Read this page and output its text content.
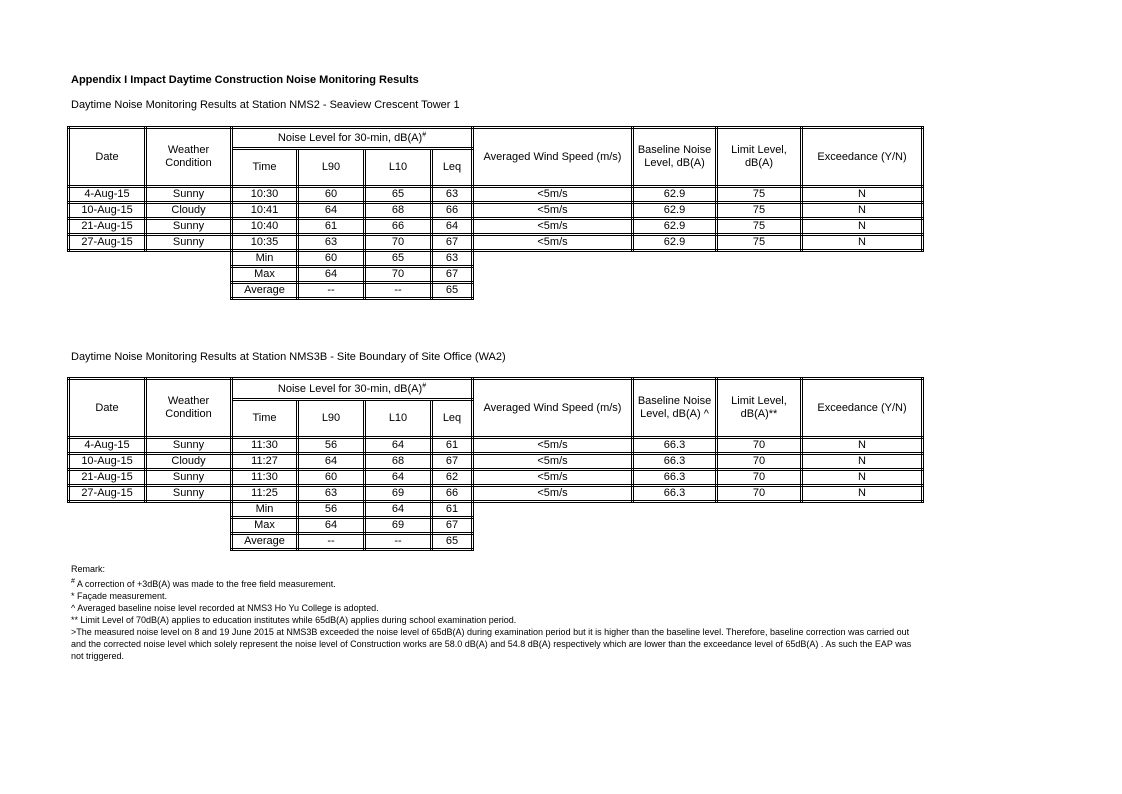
Appendix I Impact Daytime Construction Noise Monitoring Results
Daytime Noise Monitoring Results at Station NMS2 - Seaview Crescent Tower 1
Date	Weather Condition	Noise Level for 30-min, dB(A)#				Averaged Wind Speed (m/s)	Baseline Noise Level, dB(A)	Limit Level, dB(A)	Exceedance (Y/N)
		Time	L90	L10	Leq				
4-Aug-15	Sunny	10:30	60	65	63	<5m/s	62.9	75	N
10-Aug-15	Cloudy	10:41	64	68	66	<5m/s	62.9	75	N
21-Aug-15	Sunny	10:40	61	66	64	<5m/s	62.9	75	N
27-Aug-15	Sunny	10:35	63	70	67	<5m/s	62.9	75	N
		Min	60	65	63				
		Max	64	70	67				
		Average	--	--	65				
Daytime Noise Monitoring Results at Station NMS3B - Site Boundary of Site Office (WA2)
Date	Weather Condition	Noise Level for 30-min, dB(A)#				Averaged Wind Speed (m/s)	Baseline Noise Level, dB(A) ^	Limit Level, dB(A)**	Exceedance (Y/N)
		Time	L90	L10	Leq				
4-Aug-15	Sunny	11:30	56	64	61	<5m/s	66.3	70	N
10-Aug-15	Cloudy	11:27	64	68	67	<5m/s	66.3	70	N
21-Aug-15	Sunny	11:30	60	64	62	<5m/s	66.3	70	N
27-Aug-15	Sunny	11:25	63	69	66	<5m/s	66.3	70	N
		Min	56	64	61				
		Max	64	69	67				
		Average	--	--	65				
Remark:
# A correction of +3dB(A) was made to the free field measurement.
* Façade measurement.
^ Averaged baseline noise level recorded at NMS3 Ho Yu College is adopted.
** Limit Level of 70dB(A) applies to education institutes while 65dB(A) applies during school examination period.
>The measured noise level on 8 and 19 June 2015 at NMS3B exceeded the noise level of 65dB(A) during examination period but it is higher than the baseline level. Therefore, baseline correction was carried out and the corrected noise level which solely represent the noise level of Construction works are 58.0 dB(A) and 54.8 dB(A) respectively which are lower than the exceedance level of 65dB(A) . As such the EAP was not triggered.
